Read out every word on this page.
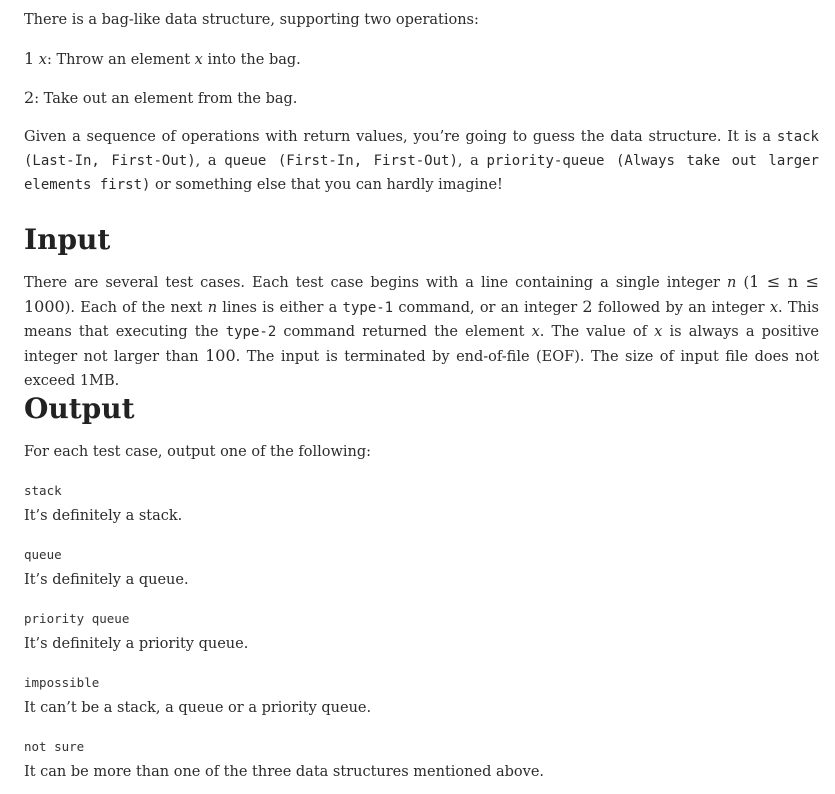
There is a bag-like data structure, supporting two operations:

1 x: Throw an element x into the bag.

2: Take out an element from the bag.

Given a sequence of operations with return values, you’re going to guess the data structure. It is a stack (Last-In, First-Out), a queue (First-In, First-Out), a priority-queue (Always take out larger elements first) or something else that you can hardly imagine!

Input

There are several test cases. Each test case begins with a line containing a single integer n (1 ≤ n ≤ 1000). Each of the next n lines is either a type-1 command, or an integer 2 followed by an integer x. This means that executing the type-2 command returned the element x. The value of x is always a positive integer not larger than 100. The input is terminated by end-of-file (EOF). The size of input file does not exceed 1MB.

Output

For each test case, output one of the following:

stack

It’s definitely a stack.

queue

It’s definitely a queue.

priority queue

It’s definitely a priority queue.

impossible

It can’t be a stack, a queue or a priority queue.

not sure

It can be more than one of the three data structures mentioned above.
